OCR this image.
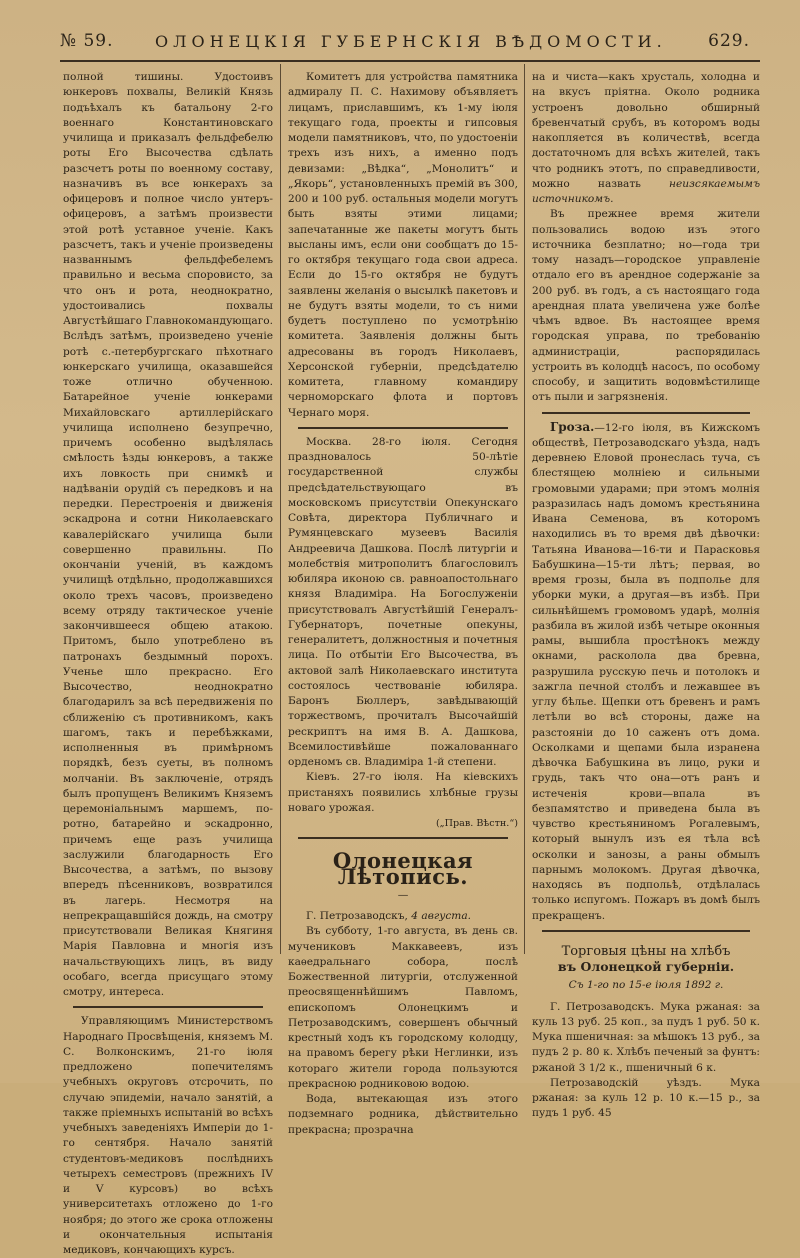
№ 59.	ОЛОНЕЦКІЯ ГУБЕРНСКІЯ ВѢДОМОСТИ. 629.

полной тишины. Удостоивъ юнкеровъ похвалы, Великій Князь подъѣхалъ къ батальону 2-го военнаго Константиновскаго училища и приказалъ фельдфебелю роты Его Высочества сдѣлать разсчетъ роты по военному составу, назначивъ въ все юнкерахъ за офицеровъ и полное число унтеръ-офицеровъ, а затѣмъ произвести этой ротѣ уставное ученіе. Какъ разсчетъ, такъ и ученіе произведены названнымъ фельдфебелемъ правильно и весьма споровисто, за что онъ и рота, неоднократно, удостоивались похвалы Августѣйшаго Главнокомандующаго. Вслѣдъ затѣмъ, произведено ученіе ротѣ с.-петербургскаго пѣхотнаго юнкерскаго училища, оказавшейся тоже отлично обученною. Батарейное ученіе юнкерами Михайловскаго артиллерійскаго училища исполнено безупречно, причемъ особенно выдѣлялась смѣлость ѣзды юнкеровъ, а также ихъ ловкость при снимкѣ и надѣваніи орудій съ передковъ и на передки. Перестроенія и движенія эскадрона и сотни Николаевскаго кавалерійскаго училища были совершенно правильны. По окончаніи ученій, въ каждомъ училищѣ отдѣльно, продолжавшихся около трехъ часовъ, произведено всему отряду тактическое ученіе закончившееся общею атакою. Притомъ, было употреблено въ патронахъ бездымный порохъ. Ученье шло прекрасно. Его Высочество, неоднократно благодарилъ за всѣ передвиженія по сближенію съ противникомъ, какъ шагомъ, такъ и перебѣжками, исполненныя въ примѣрномъ порядкѣ, безъ суеты, въ полномъ молчаніи. Въ заключеніе, отрядъ былъ пропущенъ Великимъ Княземъ церемоніальнымъ маршемъ, по-ротно, батарейно и эскадронно, причемъ еще разъ училища заслужили благодарность Его Высочества, а затѣмъ, по вызову впередъ пѣсенниковъ, возвратился въ лагерь. Несмотря на непрекращавшійся дождь, на смотру присутствовали Великая Княгиня Марія Павловна и многія изъ начальствующихъ лицъ, въ виду особаго, всегда присущаго этому смотру, интереса.

Управляющимъ Министерствомъ Народнаго Просвѣщенія, княземъ М. С. Волконскимъ, 21-го іюля предложено попечителямъ учебныхъ округовъ отсрочить, по случаю эпидеміи, начало занятій, а также пріемныхъ испытаній во всѣхъ учебныхъ заведеніяхъ Имперіи до 1-го сентября. Начало занятій студентовъ-медиковъ послѣднихъ четырехъ семестровъ (прежнихъ IV и V курсовъ) во всѣхъ университетахъ отложено до 1-го ноября; до этого же срока отложены и окончательныя испытанія медиковъ, кончающихъ курсъ.

Комитетъ для устройства памятника адмиралу П. С. Нахимову объявляетъ лицамъ, приславшимъ, къ 1-му іюля текущаго года, проекты и гипсовыя модели памятниковъ, что, по удостоеніи трехъ изъ нихъ, а именно подъ девизами: „Вѣдка“, „Монолитъ“ и „Якорь“, установленныхъ премій въ 300, 200 и 100 руб. остальныя модели могутъ быть взяты этими лицами; запечатанные же пакеты могутъ быть высланы имъ, если они сообщатъ до 15-го октября текущаго года свои адреса. Если до 15-го октября не будутъ заявлены желанія о высылкѣ пакетовъ и не будутъ взяты модели, то съ ними будетъ поступлено по усмотрѣнію комитета. Заявленія должны быть адресованы въ городъ Николаевъ, Херсонской губерніи, предсѣдателю комитета, главному командиру черноморскаго флота и портовъ Чернаго моря.

Москва. 28-го іюля. Сегодня праздновалось 50-лѣтіе государственной службы предсѣдательствующаго въ московскомъ присутствіи Опекунскаго Совѣта, директора Публичнаго и Румянцевскаго музеевъ Василія Андреевича Дашкова. Послѣ литургіи и молебствія митрополитъ благословилъ юбиляра иконою св. равноапостольнаго князя Владиміра. На Богослуженіи присутствовалъ Августѣйшій Генералъ-Губернаторъ, почетные опекуны, генералитетъ, должностныя и почетныя лица. По отбытіи Его Высочества, въ актовой залѣ Николаевскаго института состоялось чествованіе юбиляра. Баронъ Бюллеръ, завѣдывающій торжествомъ, прочиталъ Высочайшій рескриптъ на имя В. А. Дашкова, Всемилостивѣйше пожалованнаго орденомъ св. Владиміра 1-й степени.

Кіевъ. 27-го іюля. На кіевскихъ пристаняхъ появились хлѣбные грузы новаго урожая.

(„Прав. Вѣстн.“)
Олонецкая Лѣтопись.
—

Г. Петрозаводскъ, 4 августа.

Въ субботу, 1-го августа, въ день св. мучениковъ Маккавеевъ, изъ каѳедральнаго собора, послѣ Божественной литургіи, отслуженной преосвященнѣйшимъ Павломъ, епископомъ Олонецкимъ и Петрозаводскимъ, совершенъ обычный крестный ходъ къ городскому колодцу, на правомъ берегу рѣки Неглинки, изъ котораго жители города пользуются прекрасною родниковою водою.

Вода, вытекающая изъ этого подземнаго родника, дѣйствительно прекрасна; прозрачна

на и чиста—какъ хрусталь, холодна и на вкусъ пріятна. Около родника устроенъ довольно обширный бревенчатый срубъ, въ которомъ воды накопляется въ количествѣ, всегда достаточномъ для всѣхъ жителей, такъ что родникъ этотъ, по справедливости, можно назвать	неизсякаемымъ источникомъ.

Въ прежнее время жители пользовались водою изъ этого источника безплатно; но—года три тому назадъ—городское управленіе отдало его въ арендное содержаніе за 200 руб. въ годъ, а съ настоящаго года арендная плата увеличена уже болѣе чѣмъ вдвое. Въ настоящее время городская управа, по требованію администраціи, распорядилась устроить въ колодцѣ насосъ, по особому способу, и защитить водовмѣстилище отъ пыли и загрязненія.

Гроза.—12-го іюля, въ Кижскомъ обществѣ, Петрозаводскаго уѣзда, надъ деревнею Еловой пронеслась туча, съ блестящею молніею и сильными громовыми ударами; при этомъ молнія разразилась надъ домомъ крестьянина Ивана Семенова, въ которомъ находились въ то время двѣ дѣвочки: Татьяна Иванова—16-ти и Парасковья Бабушкина—15-ти лѣтъ; первая, во время грозы, была въ подполье для уборки муки, а другая—въ избѣ. При сильнѣйшемъ громовомъ ударѣ, молнія разбила въ жилой избѣ четыре оконныя рамы, вышибла простѣнокъ между окнами, расколола два бревна, разрушила русскую печь и потолокъ и зажгла печной столбъ и лежавшее въ углу бѣлье. Щепки отъ бревенъ и рамъ летѣли во всѣ стороны, даже на разстояніи до 10 саженъ отъ дома. Осколками и щепами была изранена дѣвочка Бабушкина въ лицо, руки и грудь, такъ что она—отъ ранъ и истеченія крови—впала въ безпамятство и приведена была въ чувство крестьяниномъ Рогалевымъ, который вынулъ изъ ея тѣла всѣ осколки и занозы, а раны обмылъ парнымъ молокомъ. Другая дѣвочка, находясь въ подпольѣ, отдѣлалась только испугомъ. Пожаръ въ домѣ былъ прекращенъ.

Торговыя цѣны на хлѣбъ
въ Олонецкой губерніи.
Съ 1-го по 15-е іюля 1892 г.

Г. Петрозаводскъ. Мука ржаная: за куль 13 руб. 25 коп., за пудъ 1 руб. 50 к. Мука пшеничная: за мѣшокъ 13 руб., за пудъ 2 р. 80 к. Хлѣбъ печеный за фунтъ: ржаной 3 1/2 к., пшеничный 6 к.

Петрозаводскій уѣздъ. Мука ржаная: за куль 12 р. 10 к.—15 р., за пудъ 1 руб. 45
